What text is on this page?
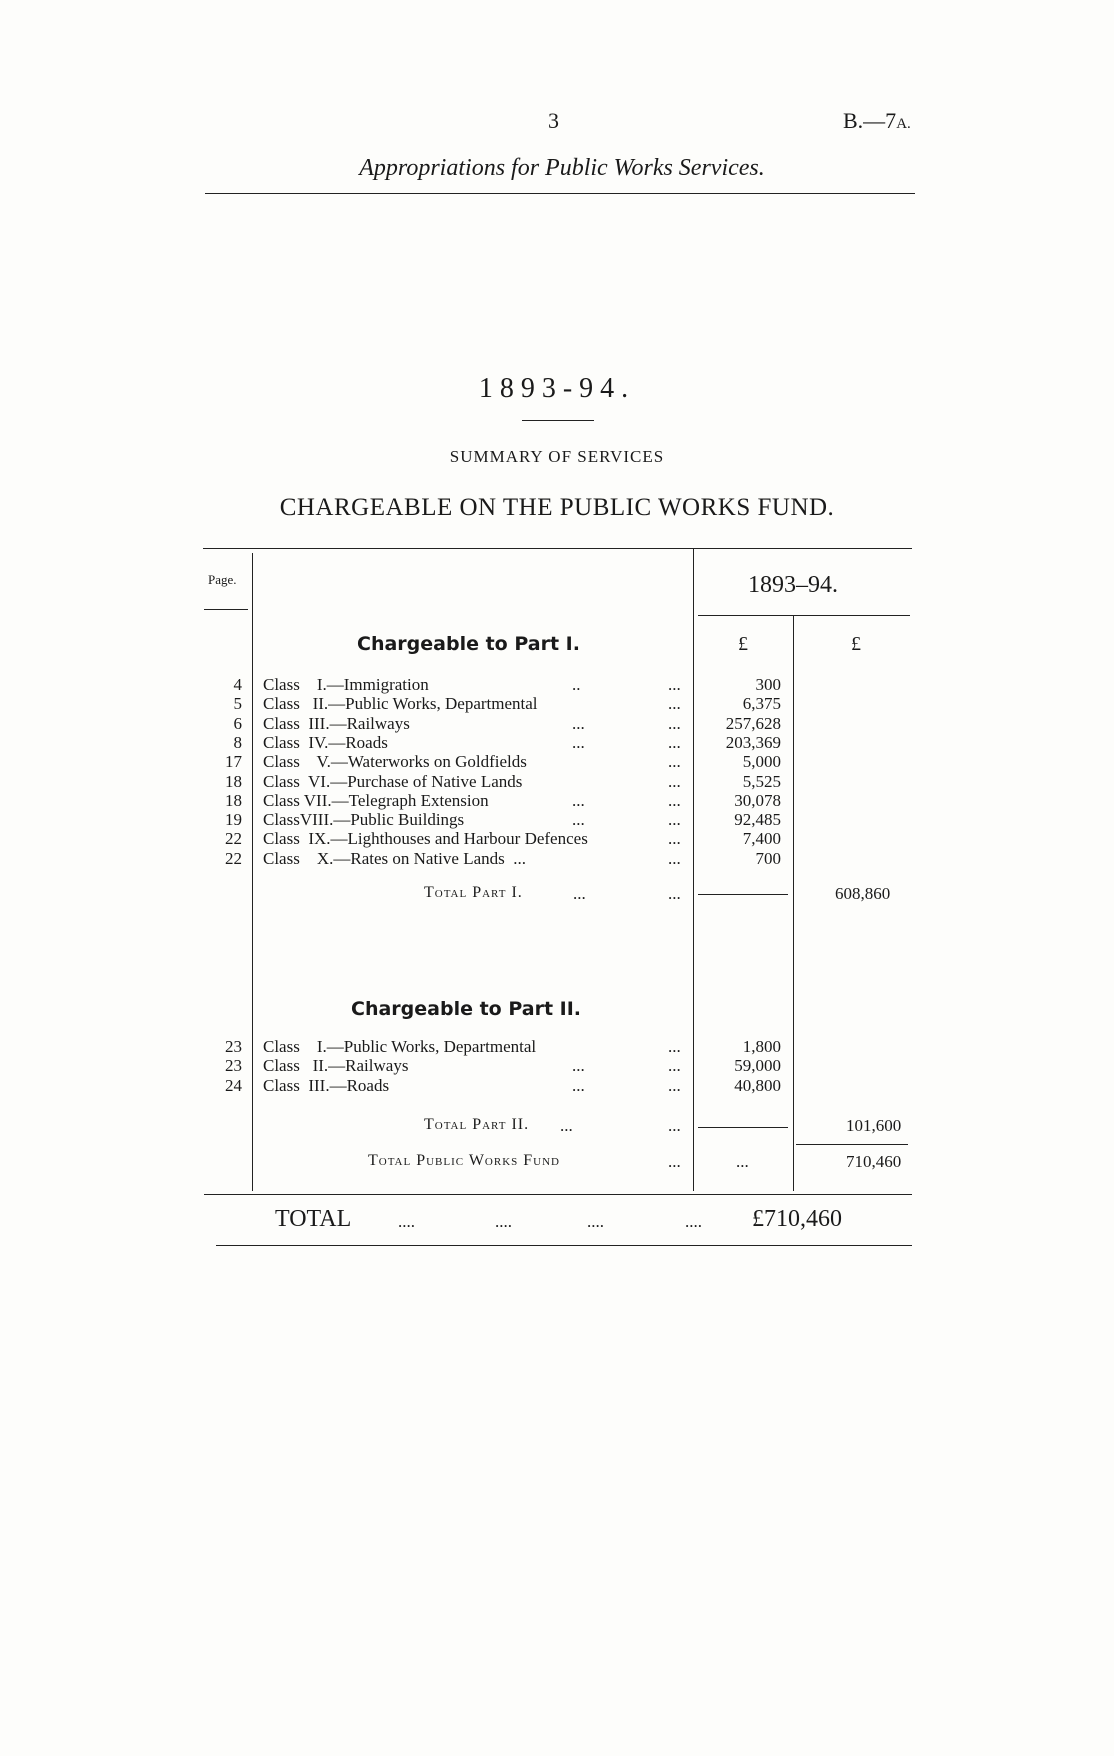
3	B.—7A.
Appropriations for Public Works Services.
1893-94.
SUMMARY OF SERVICES
CHARGEABLE ON THE PUBLIC WORKS FUND.
Page.	1893–94.
Chargeable to Part I.	£	£
4 Class    I.—Immigration	..	...	300
5 Class   II.—Public Works, Departmental	...	6,375
6 Class  III.—Railways	...	...	257,628
8 Class  IV.—Roads	...	...	203,369
17 Class    V.—Waterworks on Goldfields	...	5,000
18 Class  VI.—Purchase of Native Lands	...	5,525
18 Class VII.—Telegraph Extension	...	...	30,078
19 ClassVIII.—Public Buildings	...	...	92,485
22 Class  IX.—Lighthouses and Harbour Defences	...	7,400
22 Class    X.—Rates on Native Lands  ...	...	700
Total Part I.	...	...	608,860
Chargeable to Part II.
23 Class    I.—Public Works, Departmental	...	1,800
23 Class   II.—Railways	...	...	59,000
24 Class  III.—Roads	...	...	40,800
Total Part II. ...	...	101,600
Total Public Works Fund	...	...	710,460
TOTAL	....	....	....	.... £710,460
